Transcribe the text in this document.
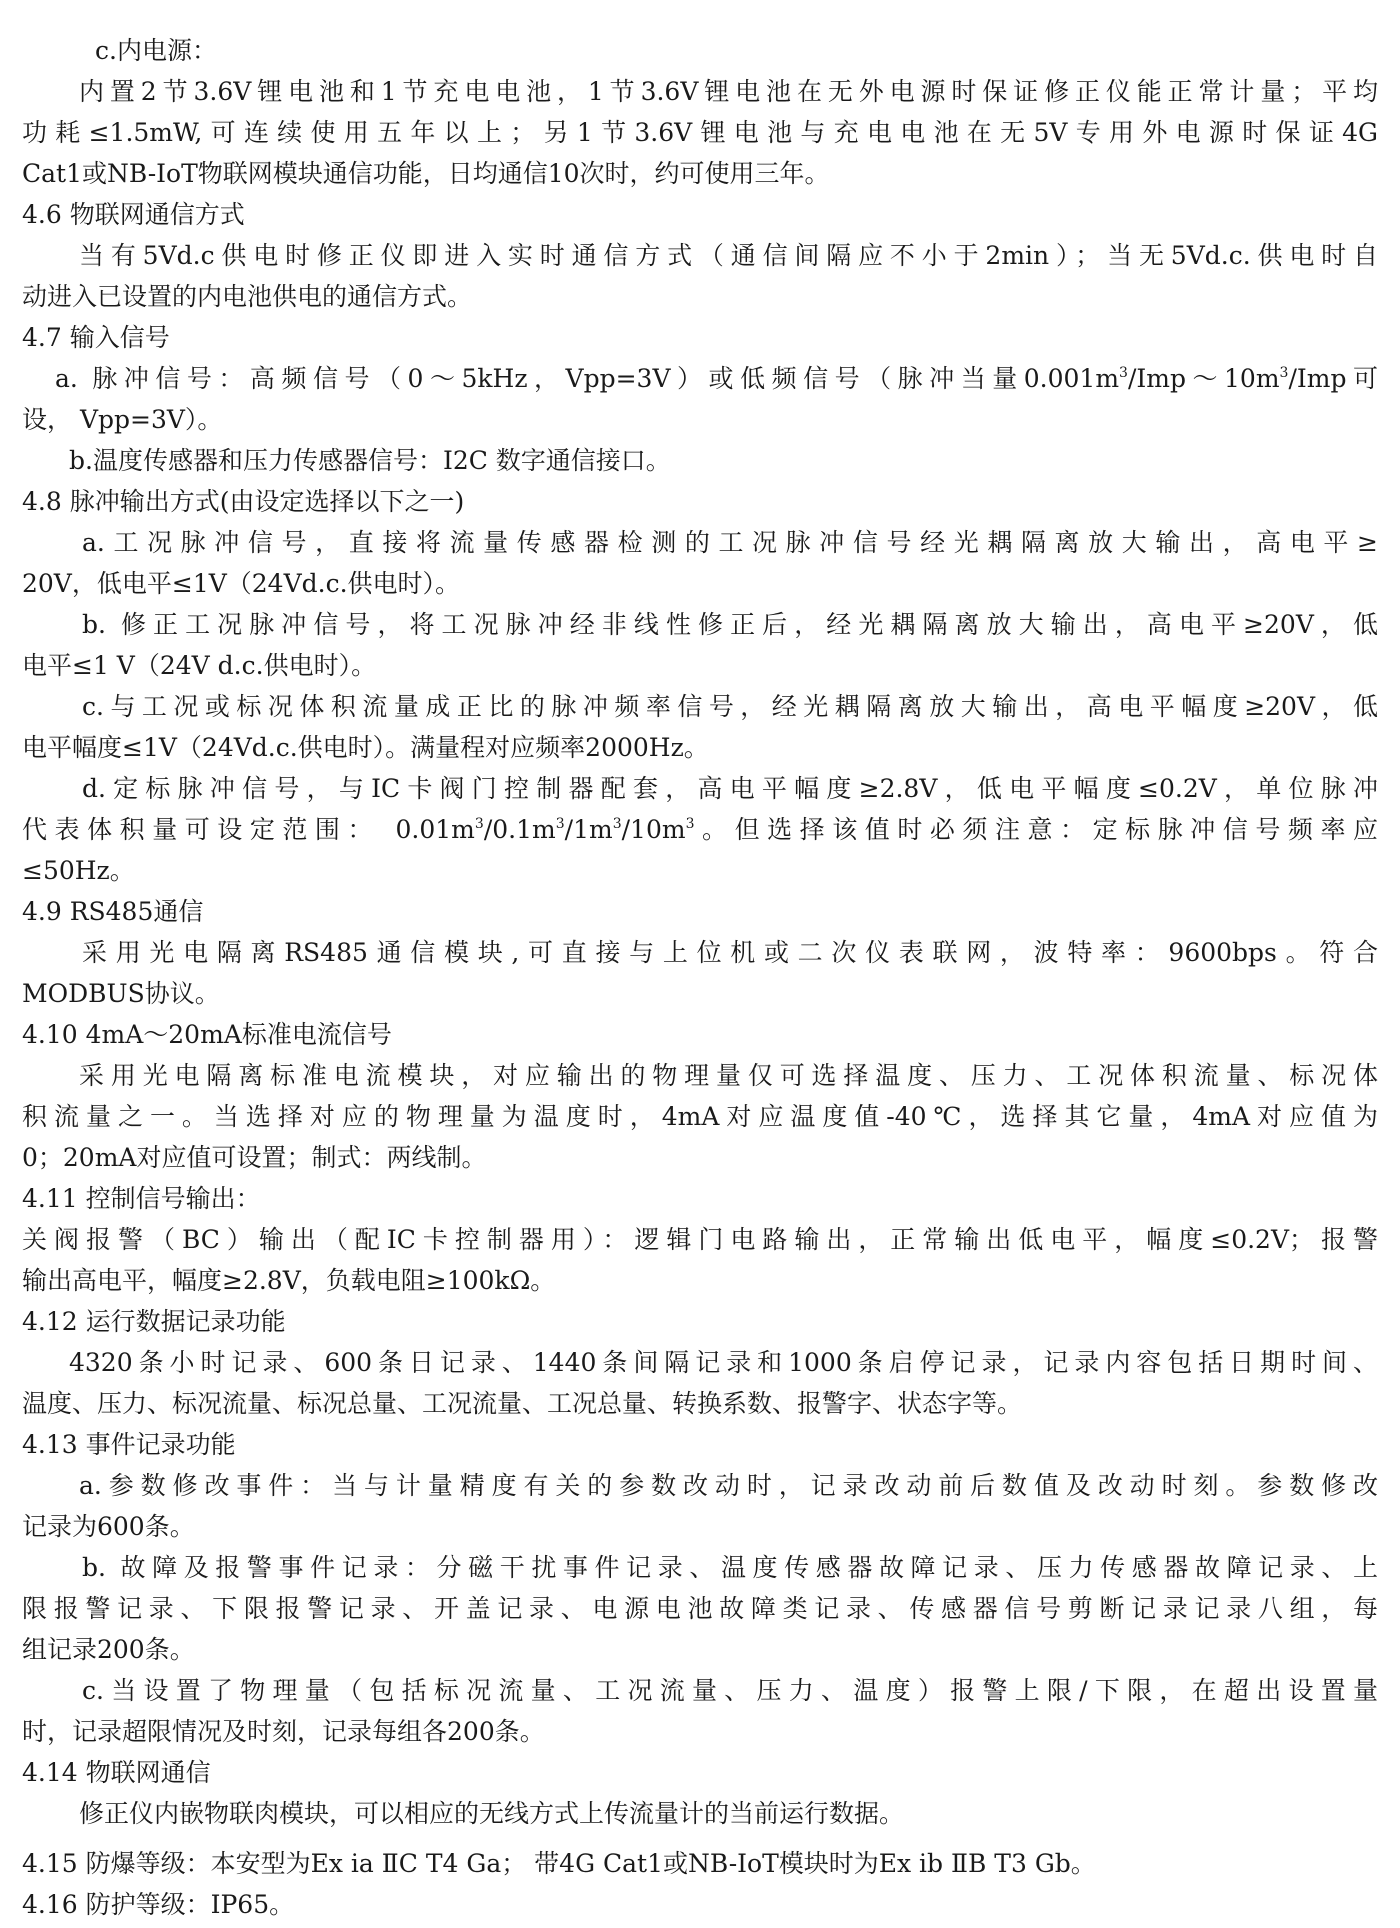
c.内电源：
内置2节3.6V锂电池和1节充电电池，1节3.6V锂电池在无外电源时保证修正仪能正常计量；平均
功耗≤1.5mW,可连续使用五年以上；另1节3.6V锂电池与充电电池在无5V专用外电源时保证4G
Cat1或NB-IoT物联网模块通信功能，日均通信10次时，约可使用三年。
4.6 物联网通信方式
当有5Vd.c供电时修正仪即进入实时通信方式（通信间隔应不小于2min）；当无5Vd.c.供电时自
动进入已设置的内电池供电的通信方式。
4.7 输入信号
a. 脉冲信号：高频信号（0～5kHz，Vpp=3V）或低频信号（脉冲当量$0.001m^3/Imp\sim 10m^3$/Imp可
设， Vpp=3V）。
b.温度传感器和压力传感器信号：I2C 数字通信接口。
4.8 脉冲输出方式(由设定选择以下之一)
a.工况脉冲信号，直接将流量传感器检测的工况脉冲信号经光耦隔离放大输出，高电平≥
20V，低电平≤1V（24Vd.c.供电时）。
b. 修正工况脉冲信号，将工况脉冲经非线性修正后，经光耦隔离放大输出，高电平≥20V，低
电平≤1 V（24V d.c.供电时）。
c.与工况或标况体积流量成正比的脉冲频率信号，经光耦隔离放大输出，高电平幅度≥20V，低
电平幅度≤1V（24Vd.c.供电时）。满量程对应频率2000Hz。
d.定标脉冲信号，与IC卡阀门控制器配套，高电平幅度≥2.8V，低电平幅度≤0.2V，单位脉冲
代表体积量可设定范围： $0.01m^3/0.1m^3/1m^3/10m^3$。但选择该值时必须注意：定标脉冲信号频率应
≤50Hz。
4.9 RS485通信
采用光电隔离RS485通信模块,可直接与上位机或二次仪表联网，波特率：9600bps。符合
MODBUS协议。
4.10 4mA～20mA标准电流信号
采用光电隔离标准电流模块，对应输出的物理量仅可选择温度、压力、工况体积流量、标况体
积流量之一。当选择对应的物理量为温度时，4mA对应温度值-40℃，选择其它量，4mA对应值为
0；20mA对应值可设置；制式：两线制。
4.11 控制信号输出：
关阀报警（BC）输出（配IC卡控制器用）：逻辑门电路输出，正常输出低电平，幅度≤0.2V；报警
输出高电平，幅度≥2.8V，负载电阻≥100kΩ。
4.12 运行数据记录功能
4320条小时记录、600条日记录、1440条间隔记录和1000条启停记录，记录内容包括日期时间、
温度、压力、标况流量、标况总量、工况流量、工况总量、转换系数、报警字、状态字等。
4.13 事件记录功能
a.参数修改事件：当与计量精度有关的参数改动时，记录改动前后数值及改动时刻。参数修改
记录为600条。
b. 故障及报警事件记录：分磁干扰事件记录、温度传感器故障记录、压力传感器故障记录、上
限报警记录、下限报警记录、开盖记录、电源电池故障类记录、传感器信号剪断记录记录八组，每
组记录200条。
c.当设置了物理量（包括标况流量、工况流量、压力、温度）报警上限/下限，在超出设置量
时，记录超限情况及时刻，记录每组各200条。
4.14 物联网通信
修正仪内嵌物联肉模块，可以相应的无线方式上传流量计的当前运行数据。
4.15 防爆等级：本安型为Ex ia ⅡC T4 Ga； 带4G Cat1或NB-IoT模块时为Ex ib ⅡB T3 Gb。
4.16 防护等级：IP65。
